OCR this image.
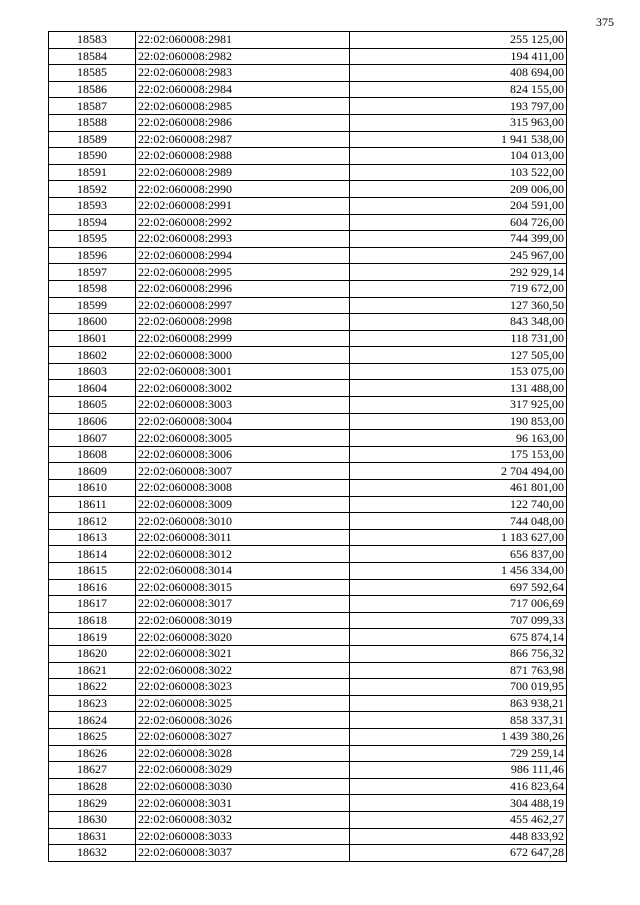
375
18583	22:02:060008:2981	255 125,00
18584	22:02:060008:2982	194 411,00
18585	22:02:060008:2983	408 694,00
18586	22:02:060008:2984	824 155,00
18587	22:02:060008:2985	193 797,00
18588	22:02:060008:2986	315 963,00
18589	22:02:060008:2987	1 941 538,00
18590	22:02:060008:2988	104 013,00
18591	22:02:060008:2989	103 522,00
18592	22:02:060008:2990	209 006,00
18593	22:02:060008:2991	204 591,00
18594	22:02:060008:2992	604 726,00
18595	22:02:060008:2993	744 399,00
18596	22:02:060008:2994	245 967,00
18597	22:02:060008:2995	292 929,14
18598	22:02:060008:2996	719 672,00
18599	22:02:060008:2997	127 360,50
18600	22:02:060008:2998	843 348,00
18601	22:02:060008:2999	118 731,00
18602	22:02:060008:3000	127 505,00
18603	22:02:060008:3001	153 075,00
18604	22:02:060008:3002	131 488,00
18605	22:02:060008:3003	317 925,00
18606	22:02:060008:3004	190 853,00
18607	22:02:060008:3005	96 163,00
18608	22:02:060008:3006	175 153,00
18609	22:02:060008:3007	2 704 494,00
18610	22:02:060008:3008	461 801,00
18611	22:02:060008:3009	122 740,00
18612	22:02:060008:3010	744 048,00
18613	22:02:060008:3011	1 183 627,00
18614	22:02:060008:3012	656 837,00
18615	22:02:060008:3014	1 456 334,00
18616	22:02:060008:3015	697 592,64
18617	22:02:060008:3017	717 006,69
18618	22:02:060008:3019	707 099,33
18619	22:02:060008:3020	675 874,14
18620	22:02:060008:3021	866 756,32
18621	22:02:060008:3022	871 763,98
18622	22:02:060008:3023	700 019,95
18623	22:02:060008:3025	863 938,21
18624	22:02:060008:3026	858 337,31
18625	22:02:060008:3027	1 439 380,26
18626	22:02:060008:3028	729 259,14
18627	22:02:060008:3029	986 111,46
18628	22:02:060008:3030	416 823,64
18629	22:02:060008:3031	304 488,19
18630	22:02:060008:3032	455 462,27
18631	22:02:060008:3033	448 833,92
18632	22:02:060008:3037	672 647,28
